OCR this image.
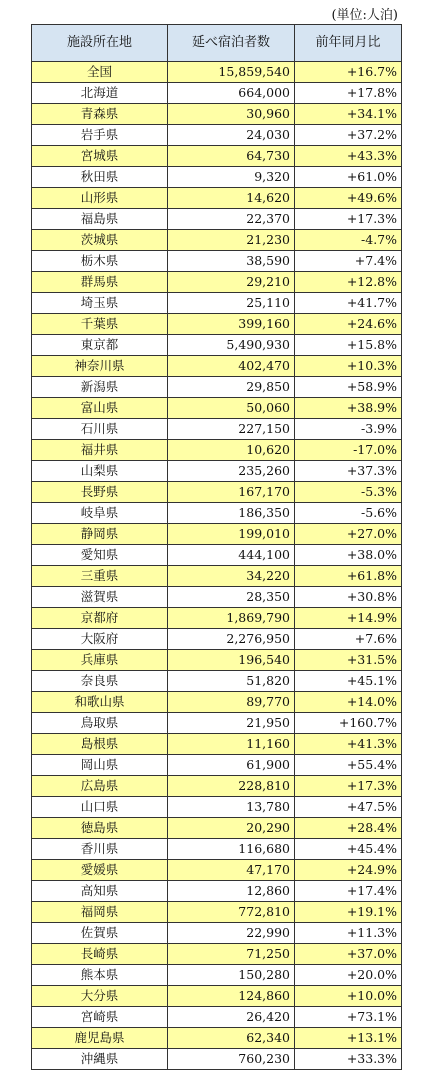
(単位:人泊)
施設所在地	延べ宿泊者数	前年同月比
全国	15,859,540	+16.7%
北海道	664,000	+17.8%
青森県	30,960	+34.1%
岩手県	24,030	+37.2%
宮城県	64,730	+43.3%
秋田県	9,320	+61.0%
山形県	14,620	+49.6%
福島県	22,370	+17.3%
茨城県	21,230	-4.7%
栃木県	38,590	+7.4%
群馬県	29,210	+12.8%
埼玉県	25,110	+41.7%
千葉県	399,160	+24.6%
東京都	5,490,930	+15.8%
神奈川県	402,470	+10.3%
新潟県	29,850	+58.9%
富山県	50,060	+38.9%
石川県	227,150	-3.9%
福井県	10,620	-17.0%
山梨県	235,260	+37.3%
長野県	167,170	-5.3%
岐阜県	186,350	-5.6%
静岡県	199,010	+27.0%
愛知県	444,100	+38.0%
三重県	34,220	+61.8%
滋賀県	28,350	+30.8%
京都府	1,869,790	+14.9%
大阪府	2,276,950	+7.6%
兵庫県	196,540	+31.5%
奈良県	51,820	+45.1%
和歌山県	89,770	+14.0%
鳥取県	21,950	+160.7%
島根県	11,160	+41.3%
岡山県	61,900	+55.4%
広島県	228,810	+17.3%
山口県	13,780	+47.5%
徳島県	20,290	+28.4%
香川県	116,680	+45.4%
愛媛県	47,170	+24.9%
高知県	12,860	+17.4%
福岡県	772,810	+19.1%
佐賀県	22,990	+11.3%
長崎県	71,250	+37.0%
熊本県	150,280	+20.0%
大分県	124,860	+10.0%
宮崎県	26,420	+73.1%
鹿児島県	62,340	+13.1%
沖縄県	760,230	+33.3%
